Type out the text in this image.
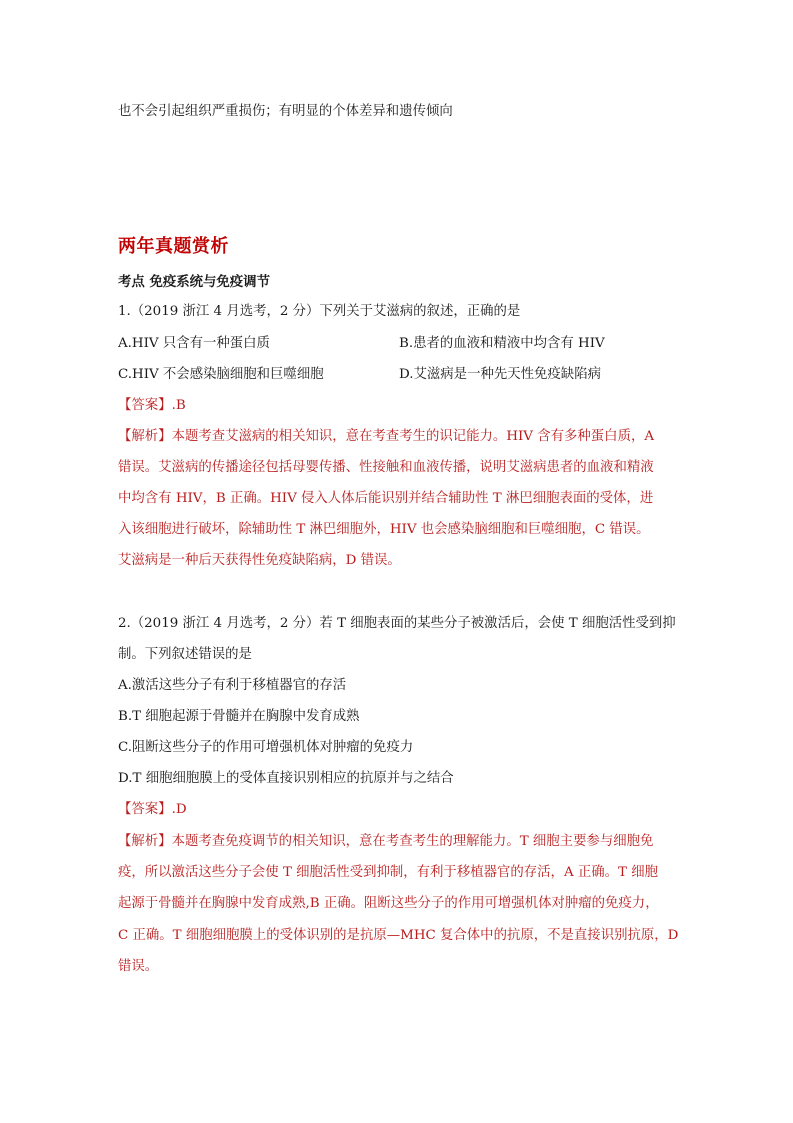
也不会引起组织严重损伤；有明显的个体差异和遗传倾向
两年真题赏析
考点 免疫系统与免疫调节
1.（2019 浙江 4 月选考，2 分）下列关于艾滋病的叙述，正确的是
A.HIV 只含有一种蛋白质	B.患者的血液和精液中均含有 HIV
C.HIV 不会感染脑细胞和巨噬细胞	D.艾滋病是一种先天性免疫缺陷病
【答案】.B
【解析】本题考查艾滋病的相关知识，意在考查考生的识记能力。HIV 含有多种蛋白质，A
错误。艾滋病的传播途径包括母婴传播、性接触和血液传播，说明艾滋病患者的血液和精液
中均含有 HIV，B 正确。HIV 侵入人体后能识别并结合辅助性 T 淋巴细胞表面的受体，进
入该细胞进行破坏，除辅助性 T 淋巴细胞外，HIV 也会感染脑细胞和巨噬细胞，C 错误。
艾滋病是一种后天获得性免疫缺陷病，D 错误。
2.（2019 浙江 4 月选考，2 分）若 T 细胞表面的某些分子被激活后，会使 T 细胞活性受到抑
制。下列叙述错误的是
A.激活这些分子有利于移植器官的存活
B.T 细胞起源于骨髓并在胸腺中发育成熟
C.阻断这些分子的作用可增强机体对肿瘤的免疫力
D.T 细胞细胞膜上的受体直接识别相应的抗原并与之结合
【答案】.D
【解析】本题考查免疫调节的相关知识，意在考查考生的理解能力。T 细胞主要参与细胞免
疫，所以激活这些分子会使 T 细胞活性受到抑制，有利于移植器官的存活，A 正确。T 细胞
起源于骨髓并在胸腺中发育成熟,B 正确。阻断这些分子的作用可增强机体对肿瘤的免疫力，
C 正确。T 细胞细胞膜上的受体识别的是抗原—MHC 复合体中的抗原，不是直接识别抗原，D
错误。
